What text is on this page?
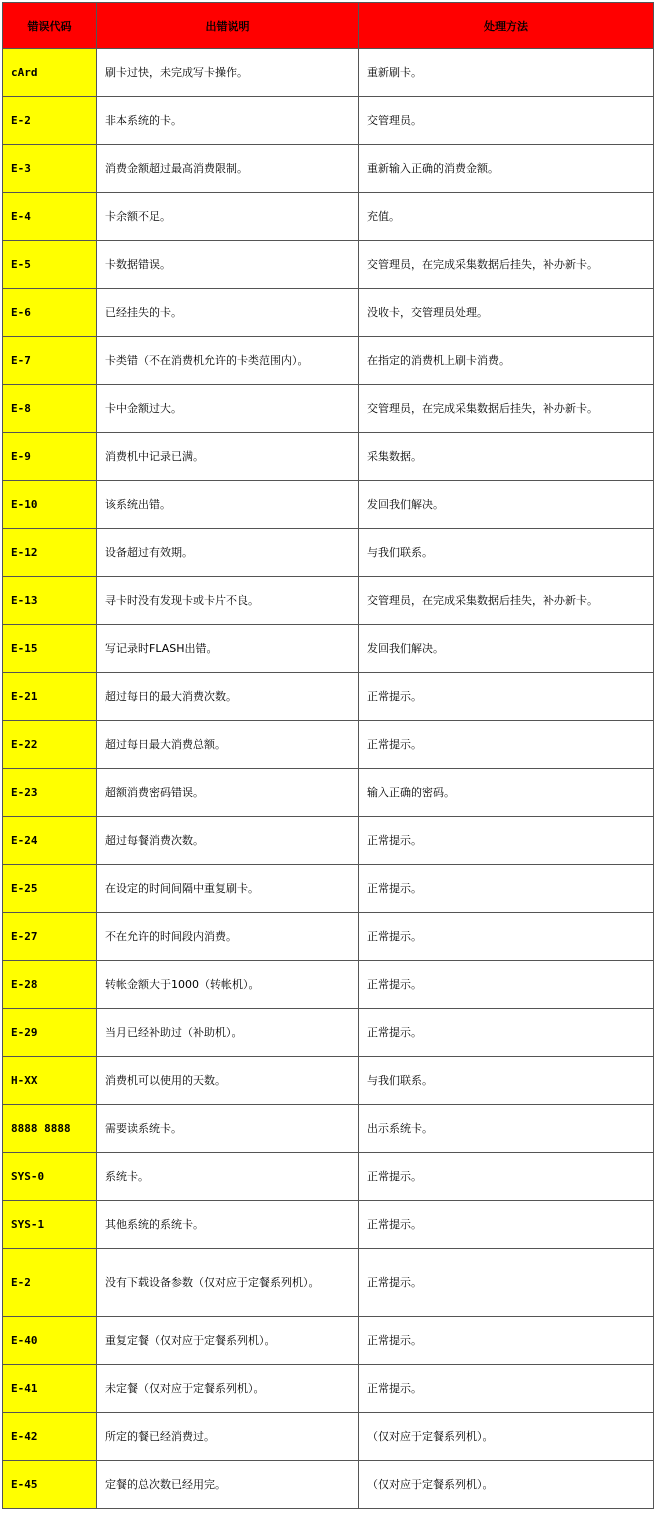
错误代码	出错说明	处理方法
cArd	刷卡过快，未完成写卡操作。	重新刷卡。
E-2	非本系统的卡。	交管理员。
E-3	消费金额超过最高消费限制。	重新输入正确的消费金额。
E-4	卡余额不足。	充值。
E-5	卡数据错误。	交管理员，在完成采集数据后挂失，补办新卡。
E-6	已经挂失的卡。	没收卡，交管理员处理。
E-7	卡类错（不在消费机允许的卡类范围内）。	在指定的消费机上刷卡消费。
E-8	卡中金额过大。	交管理员，在完成采集数据后挂失，补办新卡。
E-9	消费机中记录已满。	采集数据。
E-10	该系统出错。	发回我们解决。
E-12	设备超过有效期。	与我们联系。
E-13	寻卡时没有发现卡或卡片不良。	交管理员，在完成采集数据后挂失，补办新卡。
E-15	写记录时FLASH出错。	发回我们解决。
E-21	超过每日的最大消费次数。	正常提示。
E-22	超过每日最大消费总额。	正常提示。
E-23	超额消费密码错误。	输入正确的密码。
E-24	超过每餐消费次数。	正常提示。
E-25	在设定的时间间隔中重复刷卡。	正常提示。
E-27	不在允许的时间段内消费。	正常提示。
E-28	转帐金额大于1000（转帐机）。	正常提示。
E-29	当月已经补助过（补助机）。	正常提示。
H-XX	消费机可以使用的天数。	与我们联系。
8888 8888	需要读系统卡。	出示系统卡。
SYS-0	系统卡。	正常提示。
SYS-1	其他系统的系统卡。	正常提示。
E-2	没有下载设备参数（仅对应于定餐系列机）。	正常提示。
E-40	重复定餐（仅对应于定餐系列机）。	正常提示。
E-41	未定餐（仅对应于定餐系列机）。	正常提示。
E-42	所定的餐已经消费过。	（仅对应于定餐系列机）。
E-45	定餐的总次数已经用完。	（仅对应于定餐系列机）。
